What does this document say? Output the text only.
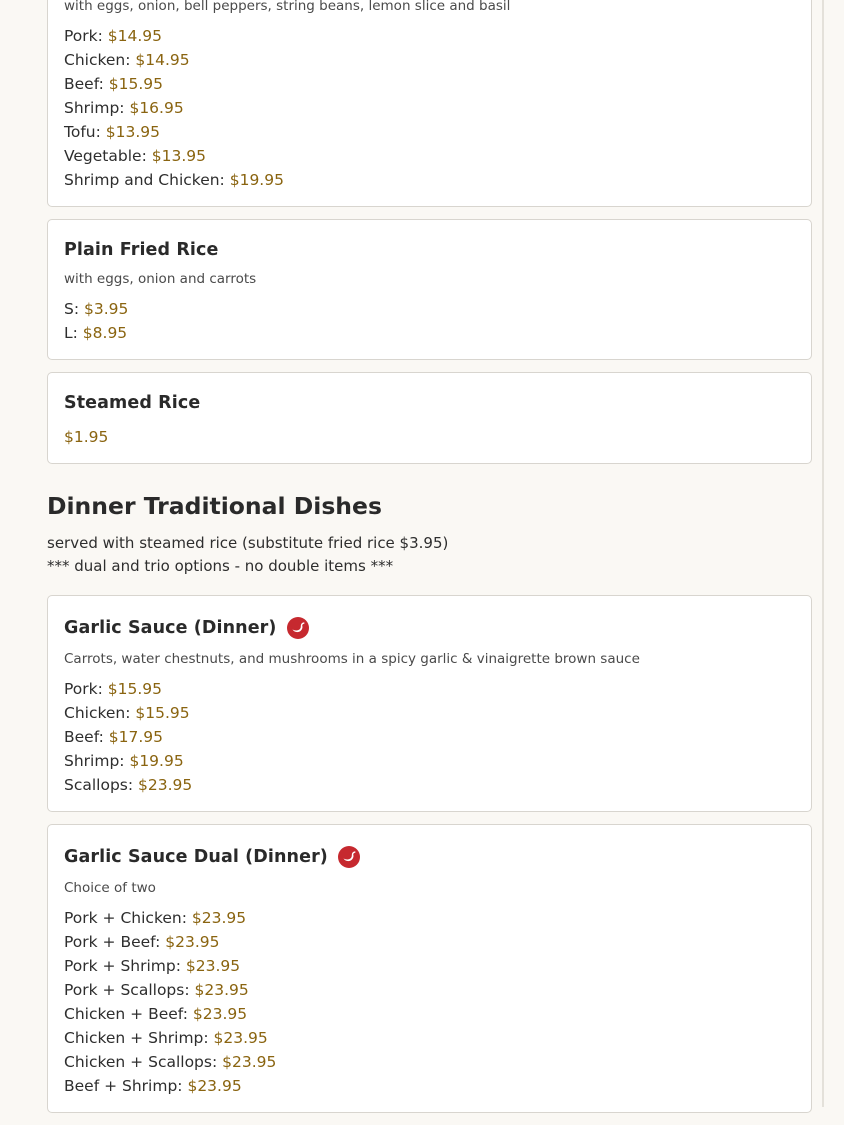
with eggs, onion, bell peppers, string beans, lemon slice and basil
Pork: $14.95
Chicken: $14.95
Beef: $15.95
Shrimp: $16.95
Tofu: $13.95
Vegetable: $13.95
Shrimp and Chicken: $19.95
Plain Fried Rice
with eggs, onion and carrots
S: $3.95
L: $8.95
Steamed Rice
$1.95
Dinner Traditional Dishes
served with steamed rice (substitute fried rice $3.95)
*** dual and trio options - no double items ***
Garlic Sauce (Dinner)
Carrots, water chestnuts, and mushrooms in a spicy garlic & vinaigrette brown sauce
Pork: $15.95
Chicken: $15.95
Beef: $17.95
Shrimp: $19.95
Scallops: $23.95
Garlic Sauce Dual (Dinner)
Choice of two
Pork + Chicken: $23.95
Pork + Beef: $23.95
Pork + Shrimp: $23.95
Pork + Scallops: $23.95
Chicken + Beef: $23.95
Chicken + Shrimp: $23.95
Chicken + Scallops: $23.95
Beef + Shrimp: $23.95
